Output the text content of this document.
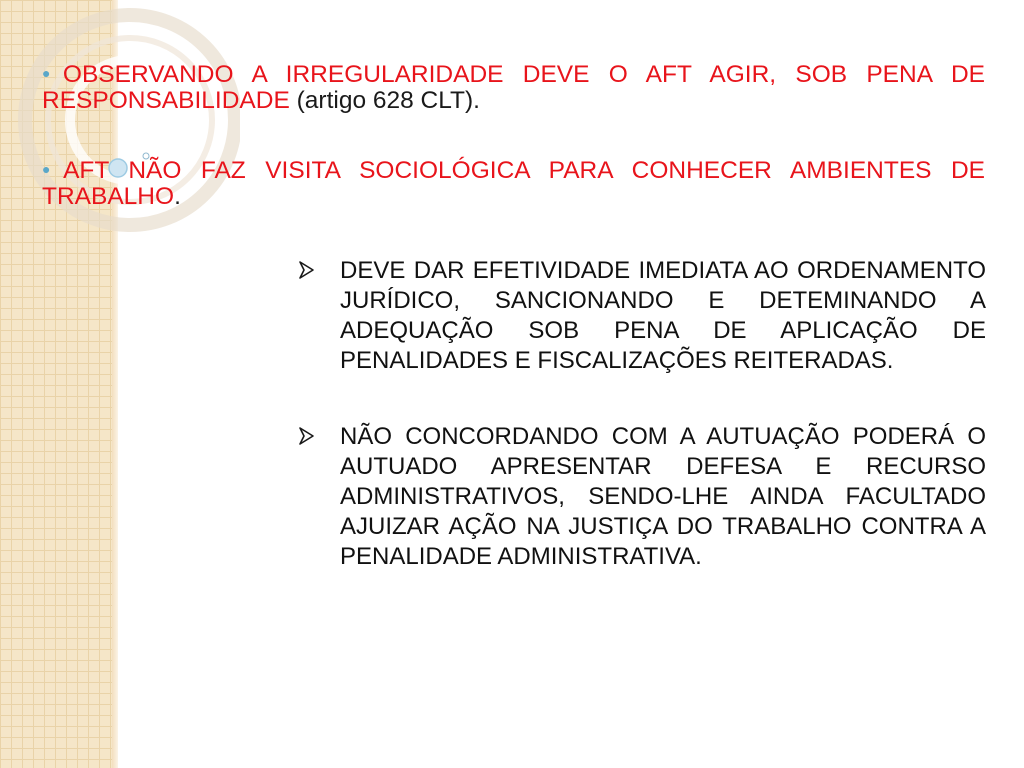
●OBSERVANDO A IRREGULARIDADE DEVE O AFT AGIR, SOB PENA DE RESPONSABILIDADE (artigo 628 CLT).
●AFT NÃO FAZ VISITA SOCIOLÓGICA PARA CONHECER AMBIENTES DE TRABALHO.
DEVE DAR EFETIVIDADE IMEDIATA AO ORDENAMENTO JURÍDICO, SANCIONANDO E DETEMINANDO A ADEQUAÇÃO SOB PENA DE APLICAÇÃO DE PENALIDADES E FISCALIZAÇÕES REITERADAS.
NÃO CONCORDANDO COM A AUTUAÇÃO PODERÁ O AUTUADO APRESENTAR DEFESA E RECURSO ADMINISTRATIVOS, SENDO-LHE AINDA FACULTADO AJUIZAR AÇÃO NA JUSTIÇA DO TRABALHO CONTRA A PENALIDADE ADMINISTRATIVA.
